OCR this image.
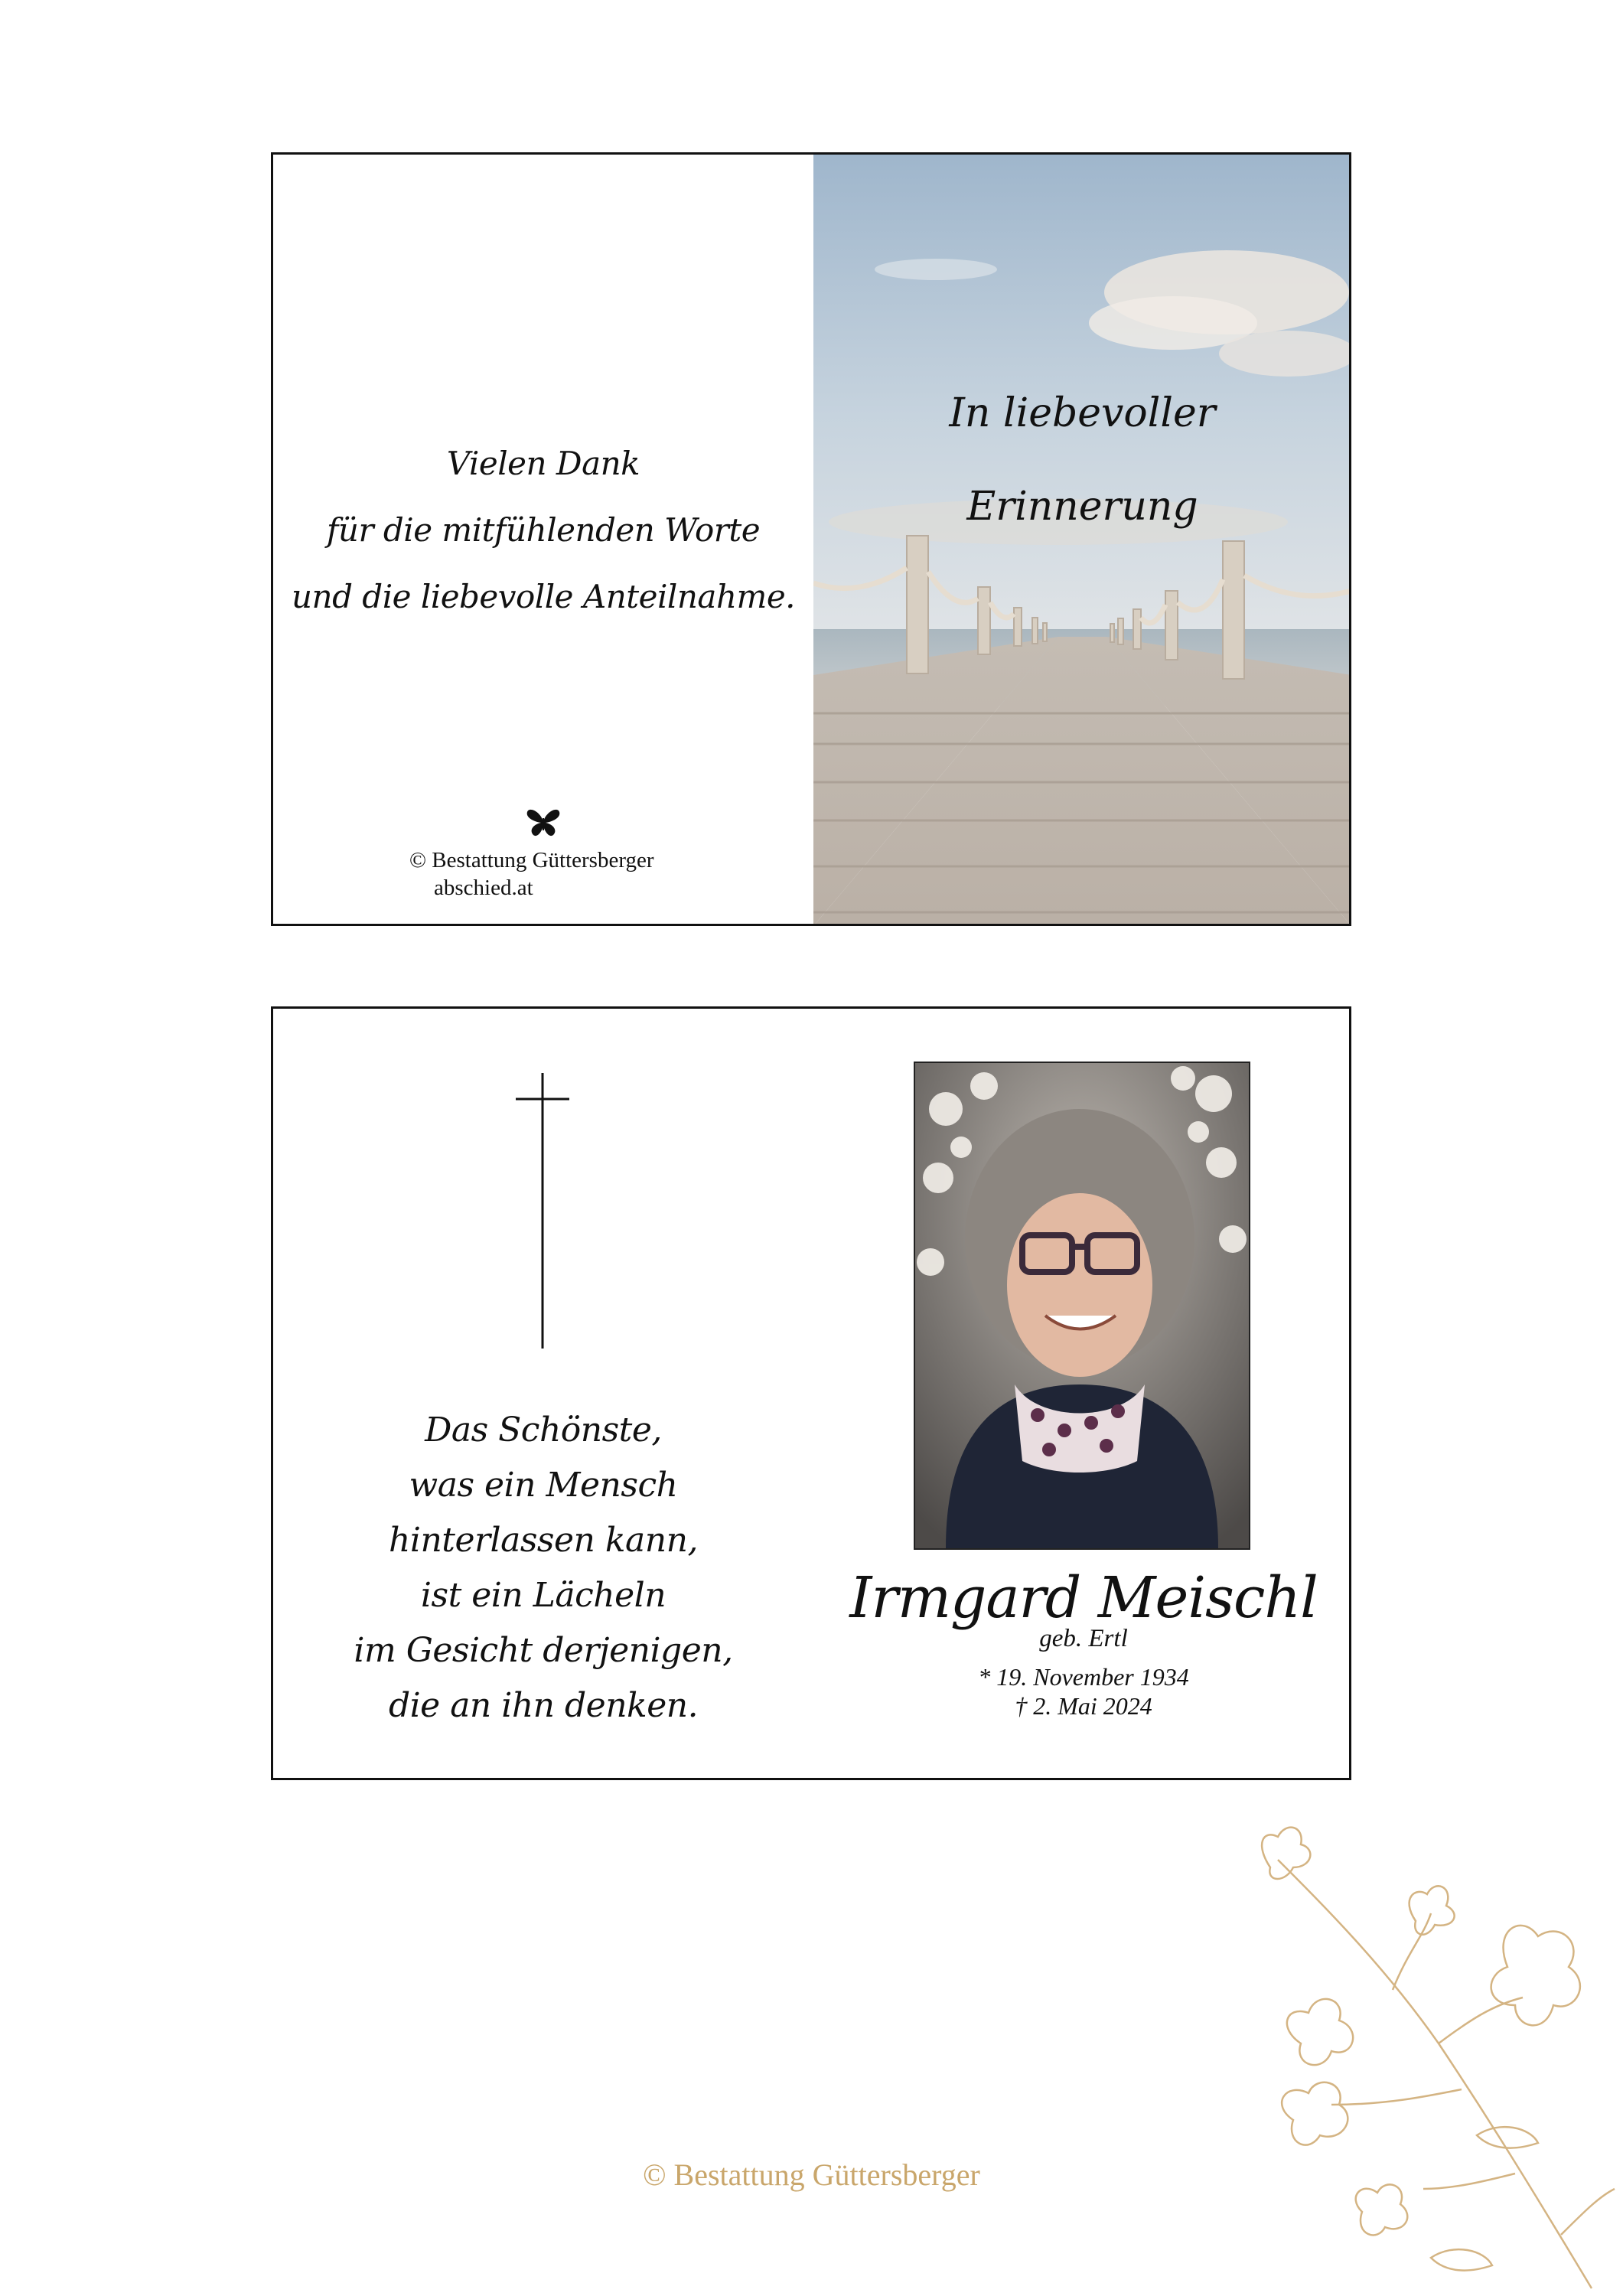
Vielen Dank
für die mitfühlenden Worte
und die liebevolle Anteilnahme.
© Bestattung Güttersberger
abschied.at
In liebevoller
Erinnerung
Das Schönste,
was ein Mensch
hinterlassen kann,
ist ein Lächeln
im Gesicht derjenigen,
die an ihn denken.
Irmgard Meischl
geb. Ertl
* 19. November 1934
† 2. Mai 2024
© Bestattung Güttersberger
